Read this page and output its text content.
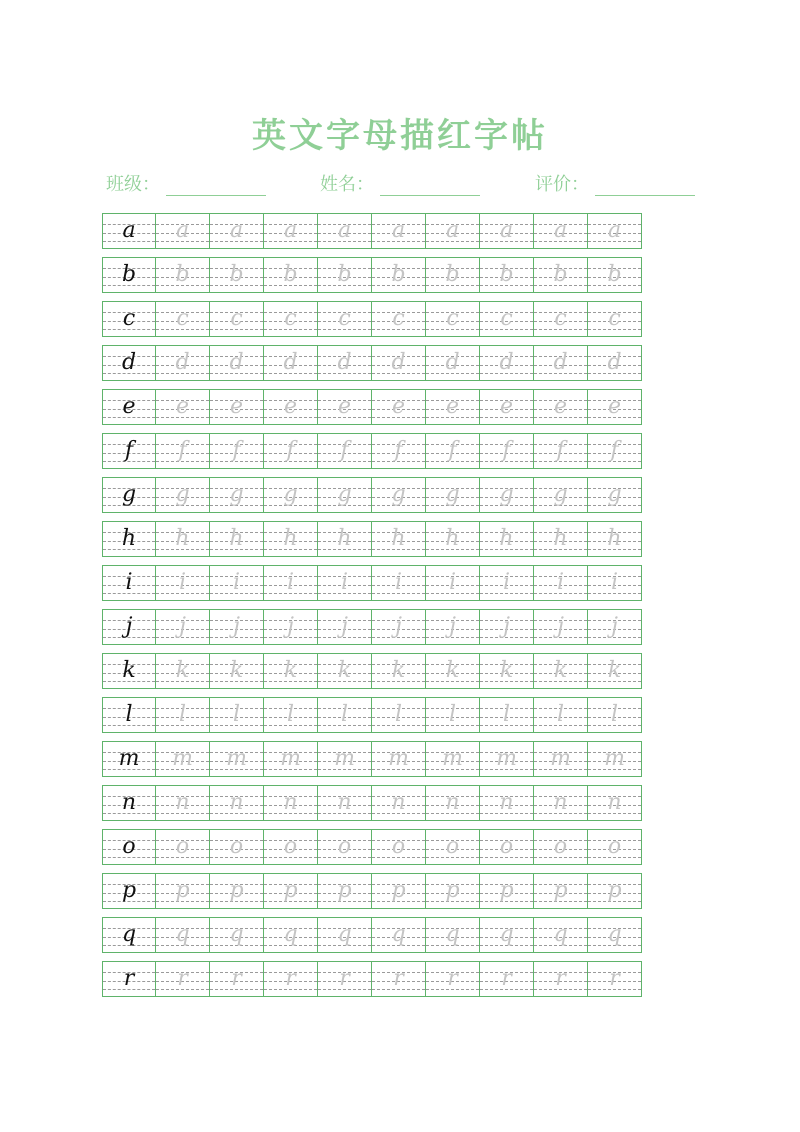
英文字母描红字帖
班级：	姓名：	评价：
a	a	a	a	a	a	a	a	a	a
b	b	b	b	b	b	b	b	b	b
c	c	c	c	c	c	c	c	c	c
d	d	d	d	d	d	d	d	d	d
e	e	e	e	e	e	e	e	e	e
f	f	f	f	f	f	f	f	f	f
g	g	g	g	g	g	g	g	g	g
h	h	h	h	h	h	h	h	h	h
i	i	i	i	i	i	i	i	i	i
j	j	j	j	j	j	j	j	j	j
k	k	k	k	k	k	k	k	k	k
l	l	l	l	l	l	l	l	l	l
m	m	m	m	m	m	m	m	m	m
n	n	n	n	n	n	n	n	n	n
o	o	o	o	o	o	o	o	o	o
p	p	p	p	p	p	p	p	p	p
q	q	q	q	q	q	q	q	q	q
r	r	r	r	r	r	r	r	r	r
